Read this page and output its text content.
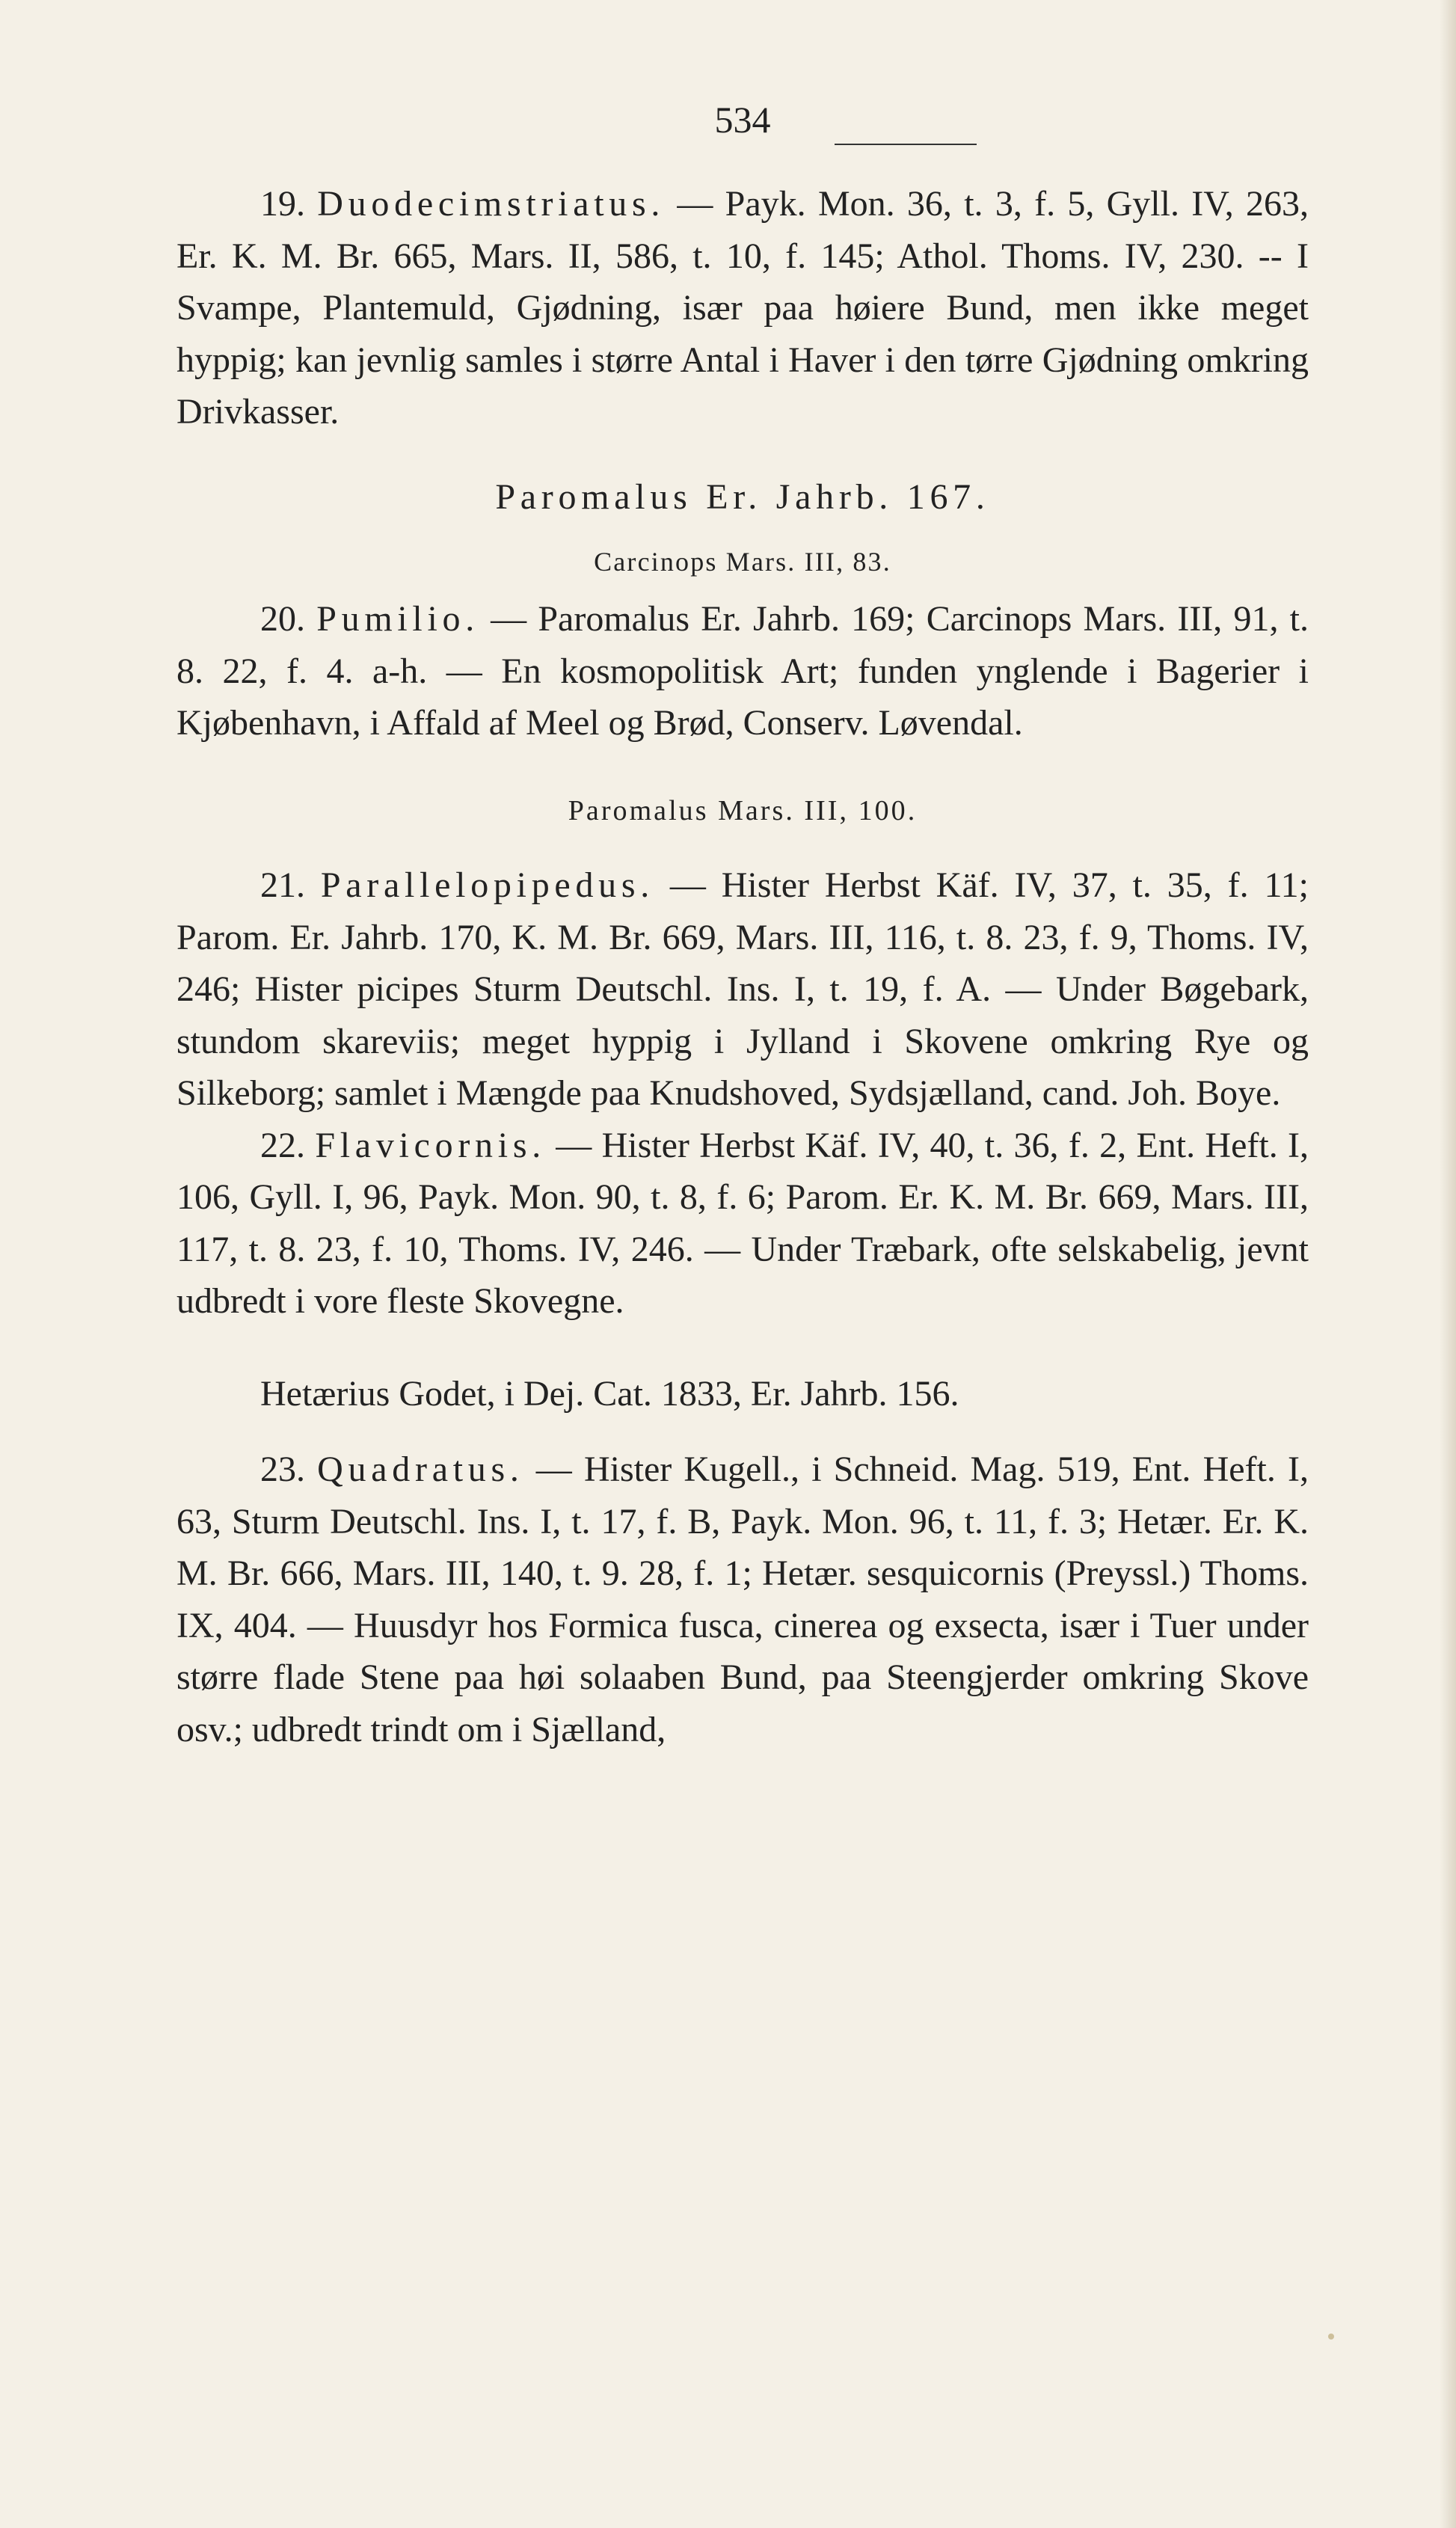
534

19. Duodecimstriatus. — Payk. Mon. 36, t. 3, f. 5, Gyll. IV, 263, Er. K. M. Br. 665, Mars. II, 586, t. 10, f. 145; Athol. Thoms. IV, 230. -- I Svampe, Plantemuld, Gjødning, især paa høiere Bund, men ikke meget hyppig; kan jevnlig samles i større Antal i Haver i den tørre Gjødning omkring Drivkasser.

Paromalus Er. Jahrb. 167.

Carcinops Mars. III, 83.

20. Pumilio. — Paromalus Er. Jahrb. 169; Carcinops Mars. III, 91, t. 8. 22, f. 4. a-h. — En kosmopolitisk Art; funden ynglende i Bagerier i Kjøbenhavn, i Affald af Meel og Brød, Conserv. Løvendal.

Paromalus Mars. III, 100.

21. Parallelopipedus. — Hister Herbst Käf. IV, 37, t. 35, f. 11; Parom. Er. Jahrb. 170, K. M. Br. 669, Mars. III, 116, t. 8. 23, f. 9, Thoms. IV, 246; Hister picipes Sturm Deutschl. Ins. I, t. 19, f. A. — Under Bøgebark, stundom skareviis; meget hyppig i Jylland i Skovene omkring Rye og Silkeborg; samlet i Mængde paa Knudshoved, Sydsjælland, cand. Joh. Boye.

22. Flavicornis. — Hister Herbst Käf. IV, 40, t. 36, f. 2, Ent. Heft. I, 106, Gyll. I, 96, Payk. Mon. 90, t. 8, f. 6; Parom. Er. K. M. Br. 669, Mars. III, 117, t. 8. 23, f. 10, Thoms. IV, 246. — Under Træbark, ofte selskabelig, jevnt udbredt i vore fleste Skovegne.

Hetærius Godet, i Dej. Cat. 1833, Er. Jahrb. 156.

23. Quadratus. — Hister Kugell., i Schneid. Mag. 519, Ent. Heft. I, 63, Sturm Deutschl. Ins. I, t. 17, f. B, Payk. Mon. 96, t. 11, f. 3; Hetær. Er. K. M. Br. 666, Mars. III, 140, t. 9. 28, f. 1; Hetær. sesquicornis (Preyssl.) Thoms. IX, 404. — Huusdyr hos Formica fusca, cinerea og exsecta, især i Tuer under større flade Stene paa høi solaaben Bund, paa Steengjerder omkring Skove osv.; udbredt trindt om i Sjælland,
